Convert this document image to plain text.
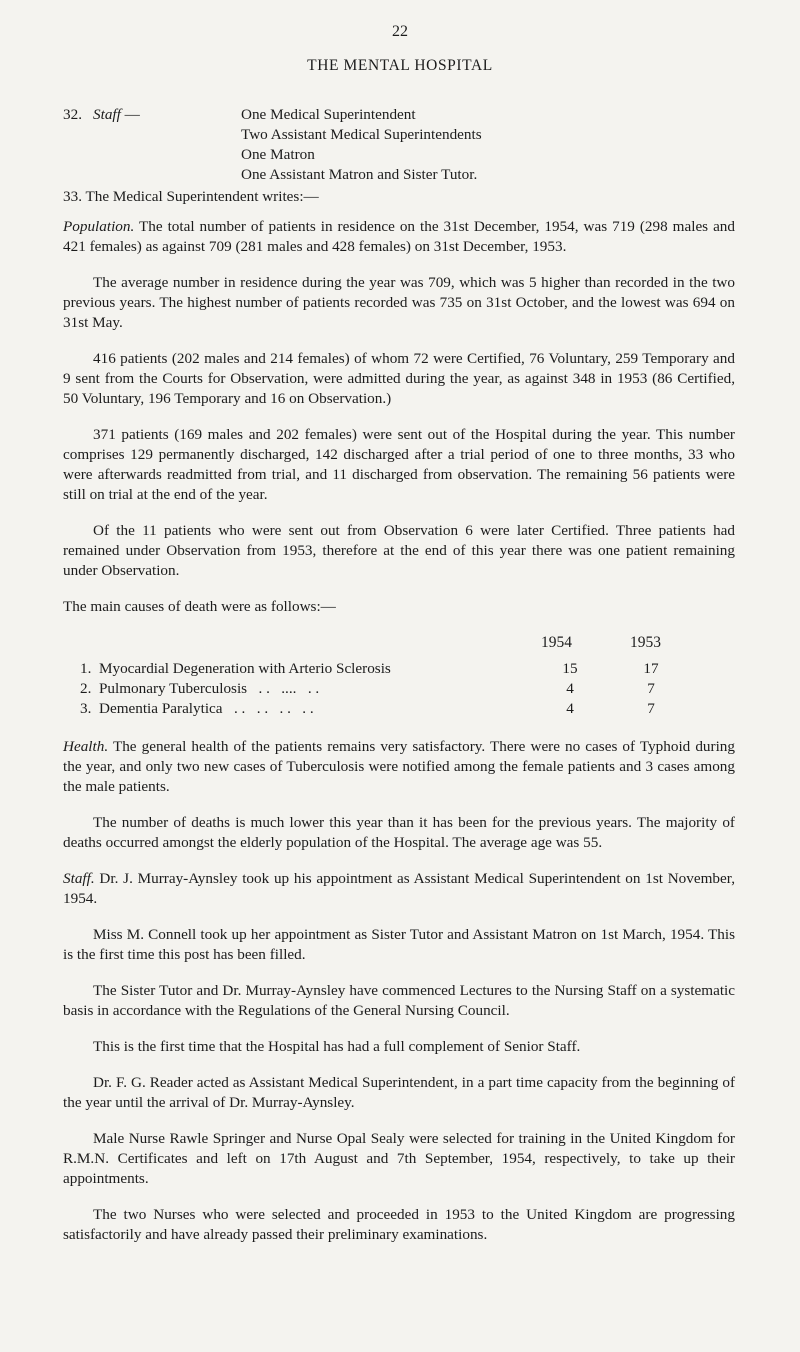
22
THE MENTAL HOSPITAL
32. Staff —	One Medical Superintendent
Two Assistant Medical Superintendents
One Matron
One Assistant Matron and Sister Tutor.
33. The Medical Superintendent writes:—

Population. The total number of patients in residence on the 31st December, 1954, was 719 (298 males and 421 females) as against 709 (281 males and 428 females) on 31st December, 1953.

The average number in residence during the year was 709, which was 5 higher than recorded in the two previous years. The highest number of patients recorded was 735 on 31st October, and the lowest was 694 on 31st May.

416 patients (202 males and 214 females) of whom 72 were Certified, 76 Voluntary, 259 Temporary and 9 sent from the Courts for Observation, were admitted during the year, as against 348 in 1953 (86 Certified, 50 Voluntary, 196 Temporary and 16 on Observation.)

371 patients (169 males and 202 females) were sent out of the Hospital during the year. This number comprises 129 permanently discharged, 142 discharged after a trial period of one to three months, 33 who were afterwards readmitted from trial, and 11 discharged from observation. The remaining 56 patients were still on trial at the end of the year.

Of the 11 patients who were sent out from Observation 6 were later Certified. Three patients had remained under Observation from 1953, therefore at the end of this year there was one patient remaining under Observation.

The main causes of death were as follows:—

1954	1953
1. Myocardial Degeneration with Arterio Sclerosis	15	17
2. Pulmonary Tuberculosis . .   ....   . .	4	7
3. Dementia Paralytica . .   . .   . .   . .	4	7

Health. The general health of the patients remains very satisfactory. There were no cases of Typhoid during the year, and only two new cases of Tuberculosis were notified among the female patients and 3 cases among the male patients.

The number of deaths is much lower this year than it has been for the previous years. The majority of deaths occurred amongst the elderly population of the Hospital. The average age was 55.

Staff. Dr. J. Murray-Aynsley took up his appointment as Assistant Medical Superintendent on 1st November, 1954.

Miss M. Connell took up her appointment as Sister Tutor and Assistant Matron on 1st March, 1954. This is the first time this post has been filled.

The Sister Tutor and Dr. Murray-Aynsley have commenced Lectures to the Nursing Staff on a systematic basis in accordance with the Regulations of the General Nursing Council.

This is the first time that the Hospital has had a full complement of Senior Staff.

Dr. F. G. Reader acted as Assistant Medical Superintendent, in a part time capacity from the beginning of the year until the arrival of Dr. Murray-Aynsley.

Male Nurse Rawle Springer and Nurse Opal Sealy were selected for training in the United Kingdom for R.M.N. Certificates and left on 17th August and 7th September, 1954, respectively, to take up their appointments.

The two Nurses who were selected and proceeded in 1953 to the United Kingdom are progressing satisfactorily and have already passed their preliminary examinations.
